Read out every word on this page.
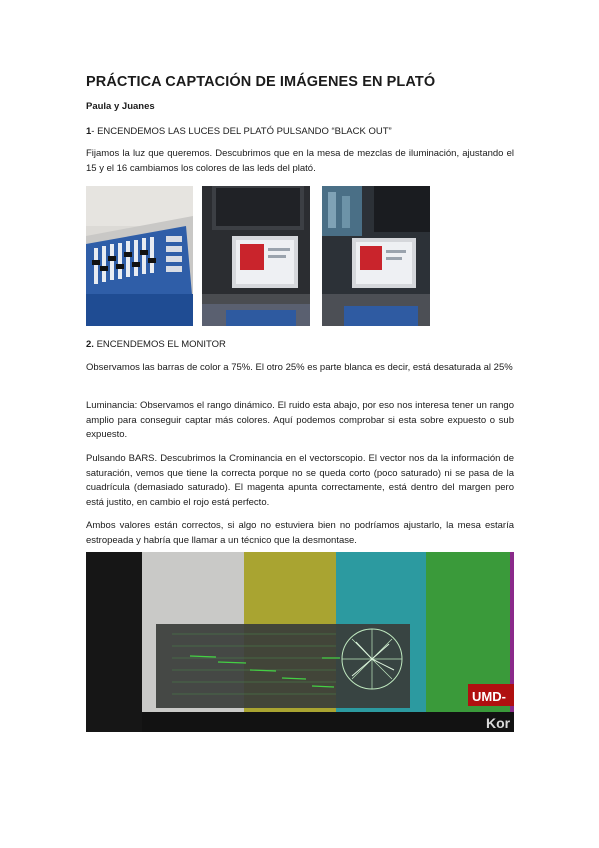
PRÁCTICA CAPTACIÓN DE IMÁGENES EN PLATÓ
Paula y Juanes
1- ENCENDEMOS LAS LUCES DEL PLATÓ PULSANDO “BLACK OUT”

Fijamos la luz que queremos. Descubrimos que en la mesa de mezclas de iluminación, ajustando el 15 y el 16 cambiamos los colores de las leds del plató.

2. ENCENDEMOS EL MONITOR

Observamos las barras de color a 75%. El otro 25% es parte blanca es decir, está desaturada al 25%

Luminancia: Observamos el rango dinámico. El ruido esta abajo, por eso nos interesa tener un rango amplio para conseguir captar más colores. Aquí podemos comprobar si esta sobre expuesto o sub expuesto.

Pulsando BARS. Descubrimos la Crominancia en el vectorscopio. El vector nos da la información de saturación, vemos que tiene la correcta porque no se queda corto (poco saturado) ni se pasa de la cuadrícula (demasiado saturado). El magenta apunta correctamente, está dentro del margen pero está justito, en cambio el rojo está perfecto.

Ambos valores están correctos, si algo no estuviera bien no podríamos ajustarlo, la mesa estaría estropeada y habría que llamar a un técnico que la desmontase.

UMD-
Kor
